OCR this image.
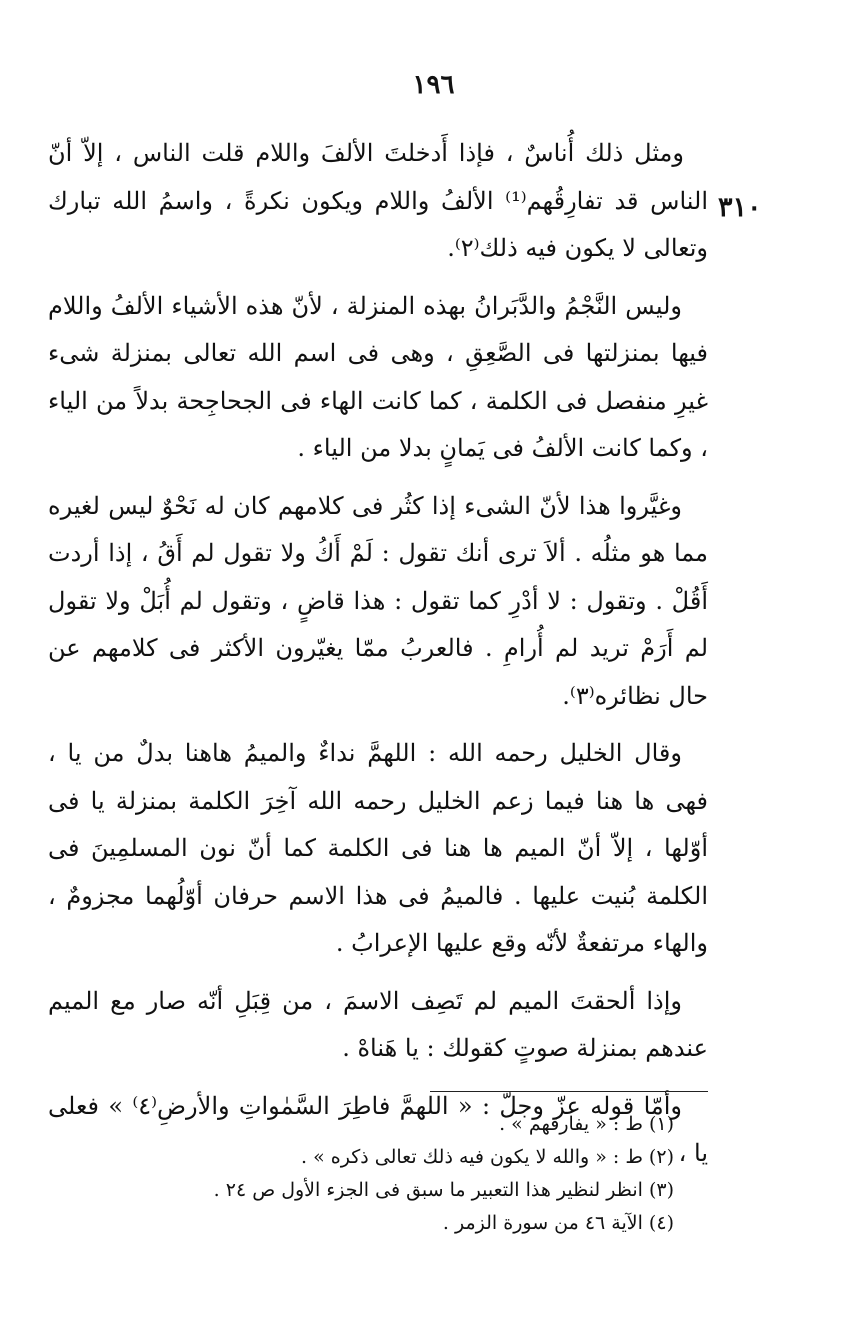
١٩٦
٣١٠

ومثل ذلك أُناسٌ ، فإذا أَدخلتَ الألفَ واللام قلت الناس ، إلاّ أنّ الناس قد تفارِقُهم⁽¹⁾ الألفُ واللام ويكون نكرةً ، واسمُ الله تبارك وتعالى لا يكون فيه ذلك⁽٢⁾.

وليس النَّجْمُ والدَّبَرانُ بهذه المنزلة ، لأنّ هذه الأشياء الألفُ واللام فيها بمنزلتها فى الصَّعِقِ ، وهى فى اسم الله تعالى بمنزلة شىء غيرِ منفصل فى الكلمة ، كما كانت الهاء فى الجحاجِحة بدلاً من الياء ، وكما كانت الألفُ فى يَمانٍ بدلا من الياء .

وغيَّروا هذا لأنّ الشىء إذا كثُر فى كلامهم كان له نَحْوٌ ليس لغيره مما هو مثلُه . ألاَ ترى أنك تقول : لَمْ أَكُ ولا تقول لم أَقُ ، إذا أردت أَقُلْ . وتقول : لا أدْرِ كما تقول : هذا قاضٍ ، وتقول لم أُبَلْ ولا تقول لم أَرَمْ تريد لم أُرامِ . فالعربُ ممّا يغيّرون الأكثر فى كلامهم عن حال نظائره⁽٣⁾.

وقال الخليل رحمه الله : اللهمَّ نداءٌ والميمُ هاهنا بدلٌ من يا ، فهى ها هنا فيما زعم الخليل رحمه الله آخِرَ الكلمة بمنزلة يا فى أوّلها ، إلاّ أنّ الميم ها هنا فى الكلمة كما أنّ نون المسلمِينَ فى الكلمة بُنيت عليها . فالميمُ فى هذا الاسم حرفان أوّلُهما مجزومٌ ، والهاء مرتفعةٌ لأنّه وقع عليها الإعرابُ .

وإذا ألحقتَ الميم لم تَصِف الاسمَ ، من قِبَلِ أنّه صار مع الميم عندهم بمنزلة صوتٍ كقولك : يا هَناهْ .

وأمّا قوله عزّ وجلّ : « اللهمَّ فاطِرَ السَّمٰواتِ والأرضِ⁽٤⁾ » فعلى يا ،

(١) ط : « يفارقهم » .
(٢) ط : « والله لا يكون فيه ذلك تعالى ذكره » .
(٣) انظر لنظير هذا التعبير ما سبق فى الجزء الأول ص ٢٤ .
(٤) الآية ٤٦ من سورة الزمر .
